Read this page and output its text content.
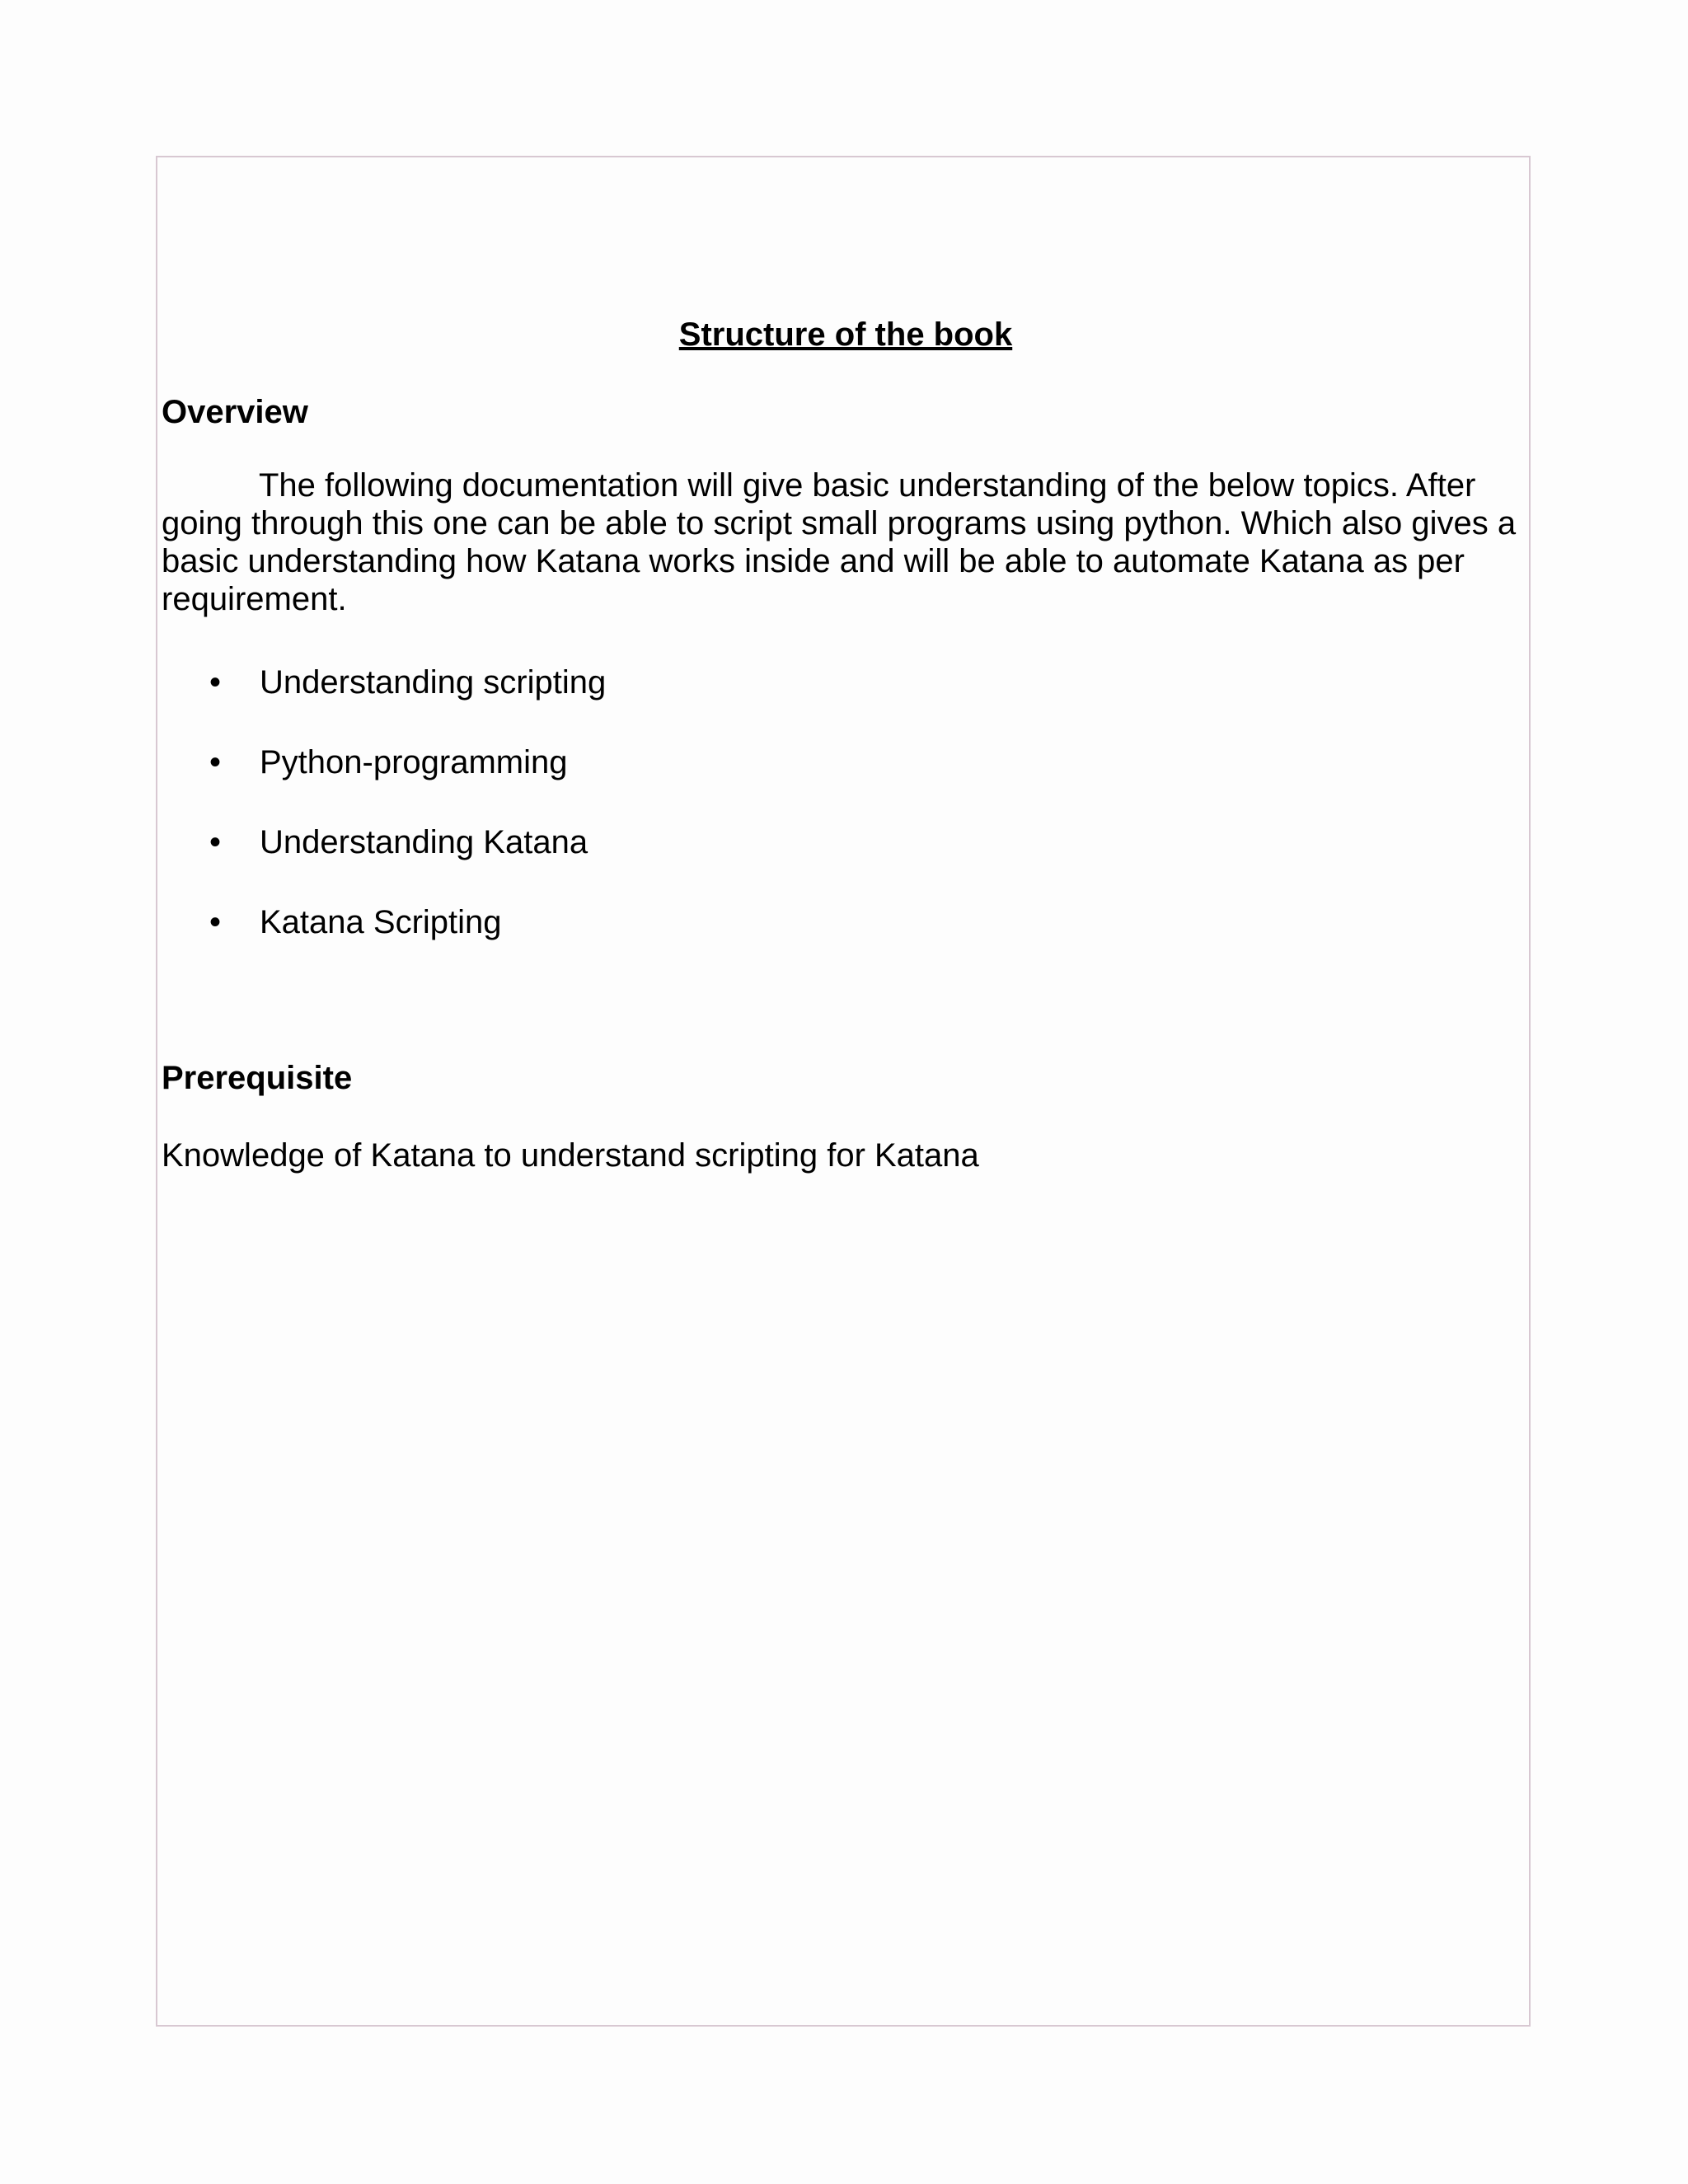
Structure of the book
Overview

The following documentation will give basic understanding of the below topics. After going through this one can be able to script small programs using python. Which also gives a basic understanding how Katana works inside and will be able to automate Katana as per requirement.

• Understanding scripting
• Python-programming
• Understanding Katana
• Katana Scripting
Prerequisite

Knowledge of Katana to understand scripting for Katana
